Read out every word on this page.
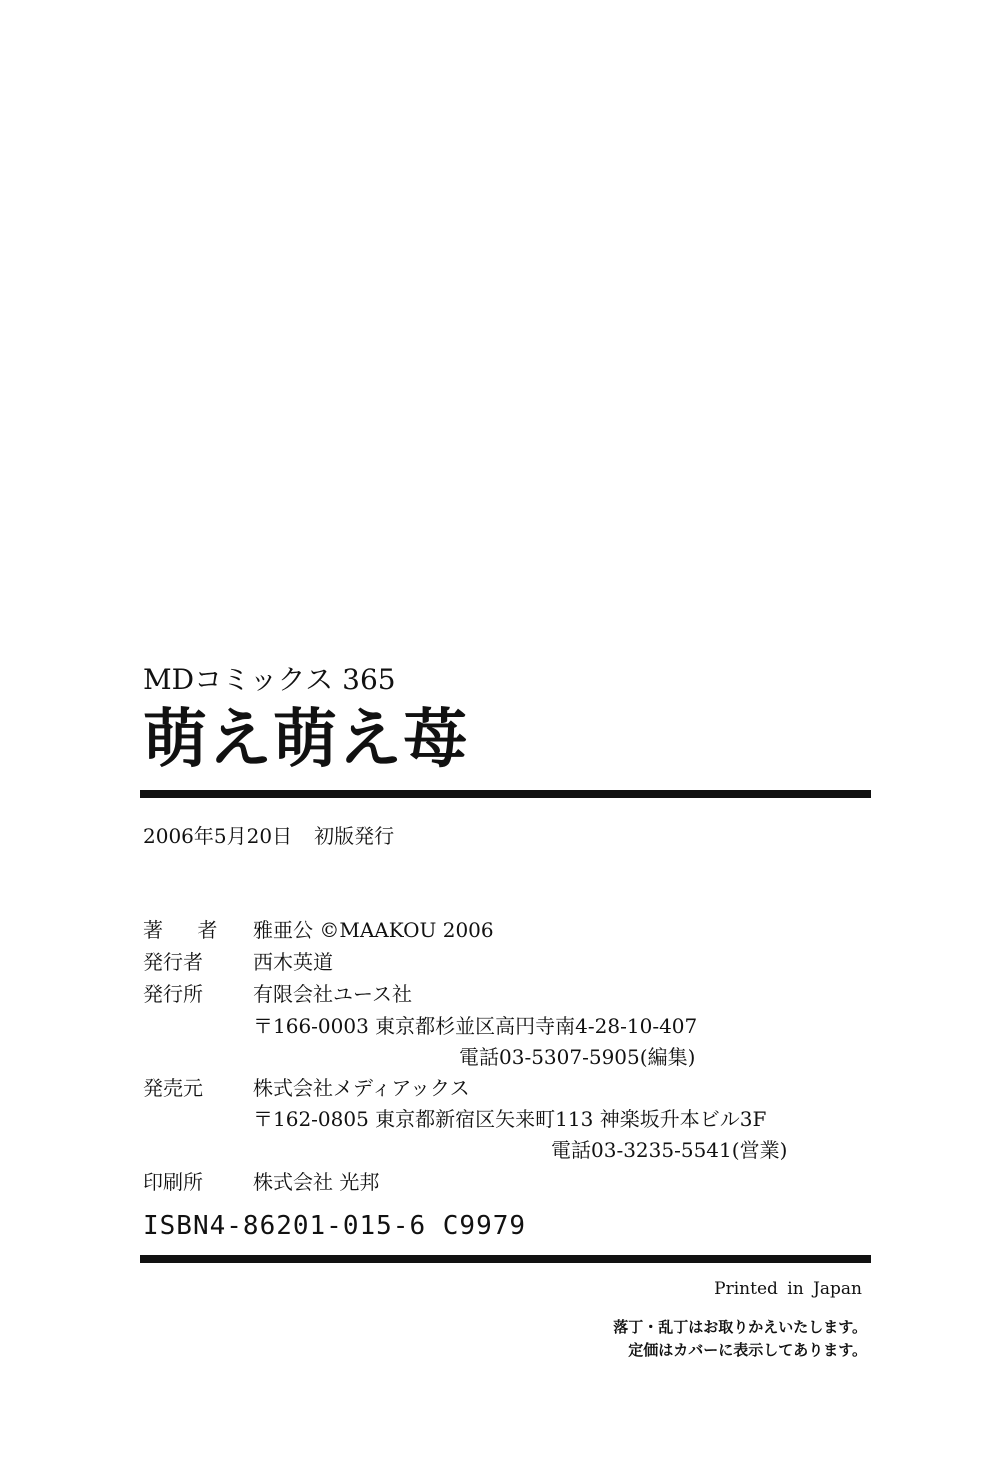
MDコミックス 365
萌え萌え苺
2006年5月20日 初版発行
著 者	雅亜公 ©MAAKOU 2006
発行者	西木英道
発行所	有限会社ユース社
〒166-0003 東京都杉並区高円寺南4-28-10-407
電話03-5307-5905(編集)
発売元	株式会社メディアックス
〒162-0805 東京都新宿区矢来町113 神楽坂升本ビル3F
電話03-3235-5541(営業)
印刷所	株式会社 光邦
ISBN4-86201-015-6 C9979
Printed in Japan
落丁・乱丁はお取りかえいたします。
定価はカバーに表示してあります。
